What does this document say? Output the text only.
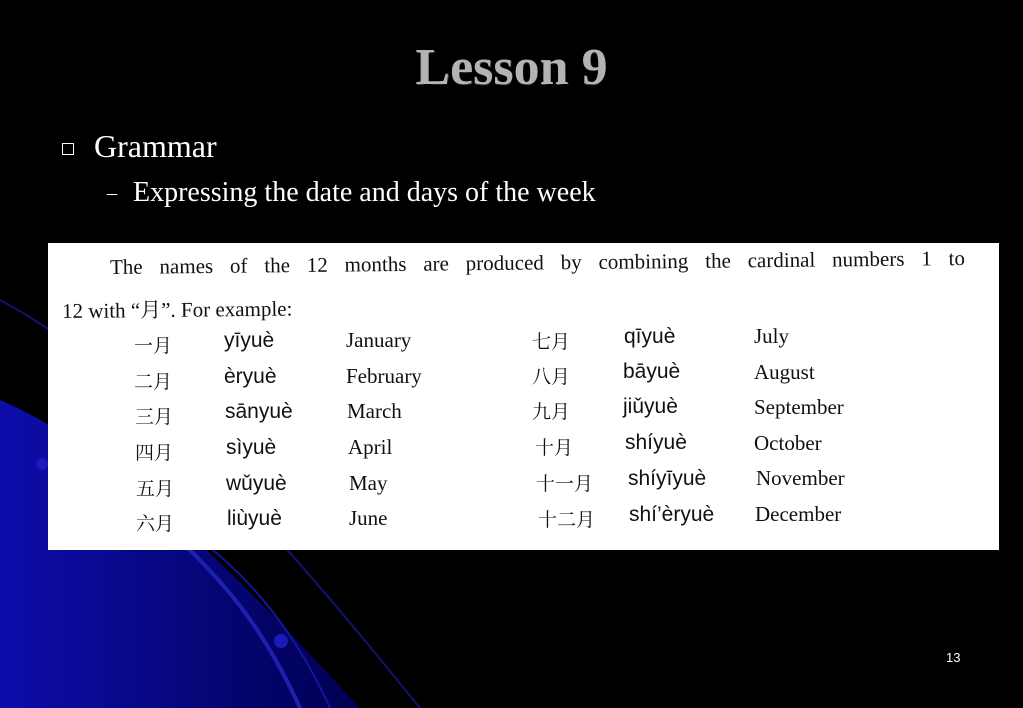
Lesson 9
Grammar
– Expressing the date and days of the week
The names of the 12 months are produced by combining the cardinal numbers 1 to
12 with “月”. For example:
一月 yīyuè	January
二月 èryuè	February
三月 sānyuè	March
四月	sìyuè	April
五月 wǔyuè	May
六月	liùyuè	June
七月	qīyuè	July
八月	bāyuè	August
九月	jiǔyuè	September
十月 shíyuè	October
十一月 shíyīyuè November
十二月 shí’èryuè December
13
